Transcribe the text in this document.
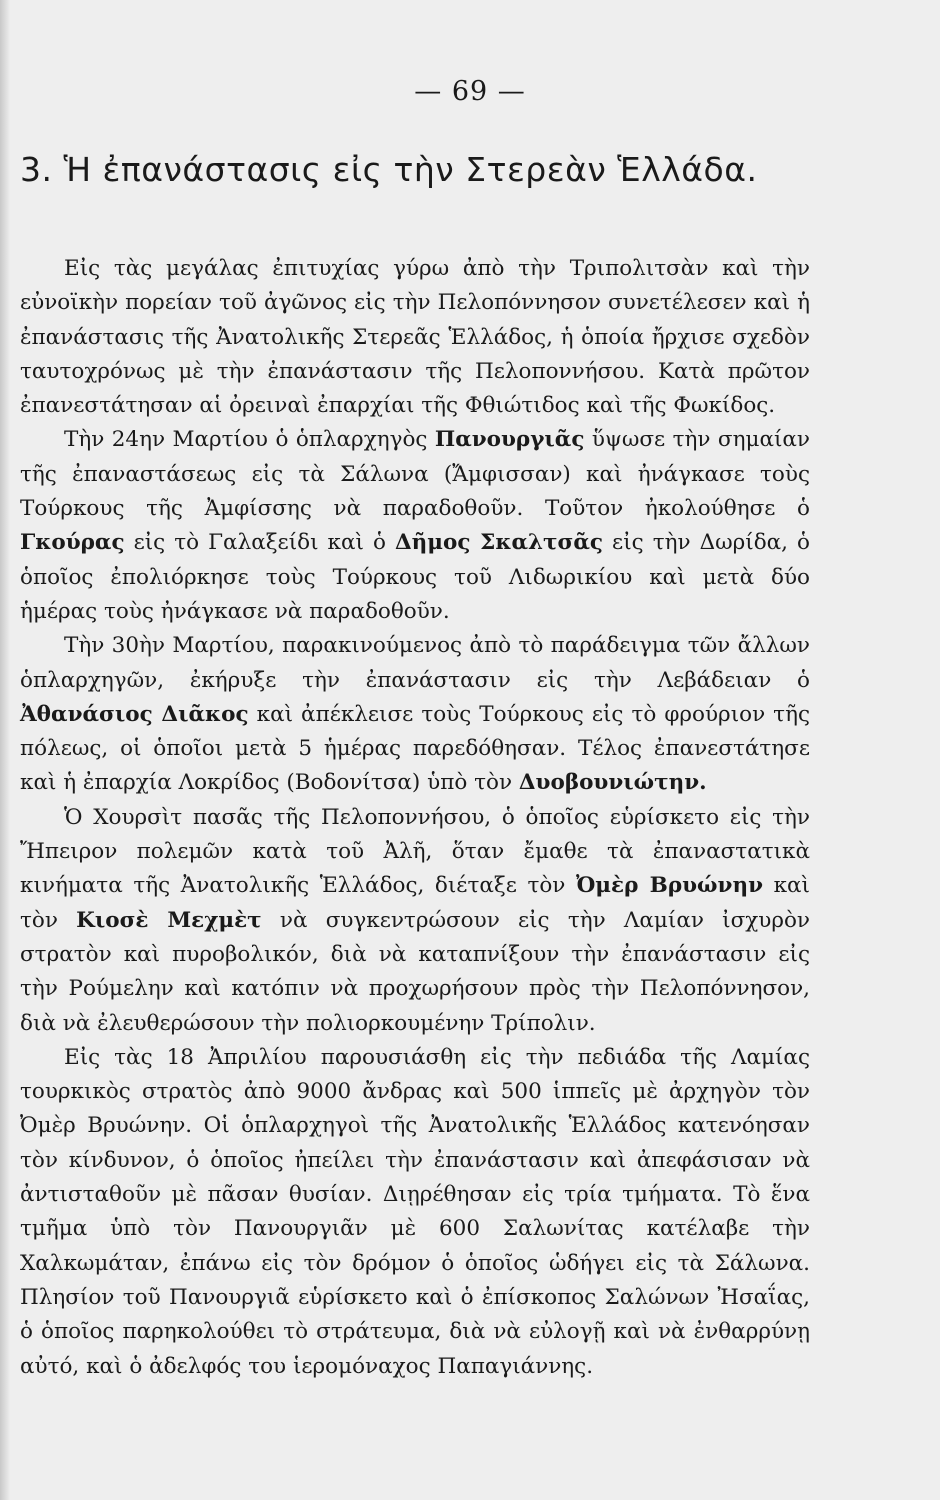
— 69 —
3. Ἡ ἐπανάστασις εἰς τὴν Στερεὰν Ἑλλάδα.

Εἰς τὰς μεγάλας ἐπιτυχίας γύρω ἀπὸ τὴν Τριπολιτσὰν καὶ τὴν εὐνοϊκὴν πορείαν τοῦ ἀγῶνος εἰς τὴν Πελοπόννησον συνετέλεσεν καὶ ἡ ἐπανάστασις τῆς Ἀνατολικῆς Στερεᾶς Ἑλλάδος, ἡ ὁποία ἤρχισε σχεδὸν ταυτοχρόνως μὲ τὴν ἐπανάστασιν τῆς Πελοποννήσου. Κατὰ πρῶτον ἐπανεστάτησαν αἱ ὀρειναὶ ἐπαρχίαι τῆς Φθιώτιδος καὶ τῆς Φωκίδος.

Τὴν 24ην Μαρτίου ὁ ὁπλαρχηγὸς Πανουργιᾶς ὕψωσε τὴν σημαίαν τῆς ἐπαναστάσεως εἰς τὰ Σάλωνα (Ἄμφισσαν) καὶ ἠνάγκασε τοὺς Τούρκους τῆς Ἀμφίσσης νὰ παραδοθοῦν. Τοῦτον ἠκολούθησε ὁ Γκούρας εἰς τὸ Γαλαξείδι καὶ ὁ Δῆμος Σκαλτσᾶς εἰς τὴν Δωρίδα, ὁ ὁποῖος ἐπολιόρκησε τοὺς Τούρκους τοῦ Λιδωρικίου καὶ μετὰ δύο ἡμέρας τοὺς ἠνάγκασε νὰ παραδοθοῦν.

Τὴν 30ὴν Μαρτίου, παρακινούμενος ἀπὸ τὸ παράδειγμα τῶν ἄλλων ὁπλαρχηγῶν, ἐκήρυξε τὴν ἐπανάστασιν εἰς τὴν Λεβάδειαν ὁ Ἀθανάσιος Διᾶκος καὶ ἀπέκλεισε τοὺς Τούρκους εἰς τὸ φρούριον τῆς πόλεως, οἱ ὁποῖοι μετὰ 5 ἡμέρας παρεδόθησαν. Τέλος ἐπανεστάτησε καὶ ἡ ἐπαρχία Λοκρίδος (Βοδονίτσα) ὑπὸ τὸν Δυοβουνιώτην.

Ὁ Χουρσὶτ πασᾶς τῆς Πελοποννήσου, ὁ ὁποῖος εὑρίσκετο εἰς τὴν Ἤπειρον πολεμῶν κατὰ τοῦ Ἀλῆ, ὅταν ἔμαθε τὰ ἐπαναστατικὰ κινήματα τῆς Ἀνατολικῆς Ἑλλάδος, διέταξε τὸν Ὀμὲρ Βρυώνην καὶ τὸν Κιοσὲ Μεχμὲτ νὰ συγκεντρώσουν εἰς τὴν Λαμίαν ἰσχυρὸν στρατὸν καὶ πυροβολικόν, διὰ νὰ καταπνίξουν τὴν ἐπανάστασιν εἰς τὴν Ρούμελην καὶ κατόπιν νὰ προχωρήσουν πρὸς τὴν Πελοπόννησον, διὰ νὰ ἐλευθερώσουν τὴν πολιορκουμένην Τρίπολιν.

Εἰς τὰς 18 Ἀπριλίου παρουσιάσθη εἰς τὴν πεδιάδα τῆς Λαμίας τουρκικὸς στρατὸς ἀπὸ 9000 ἄνδρας καὶ 500 ἱππεῖς μὲ ἀρχηγὸν τὸν Ὀμὲρ Βρυώνην. Οἱ ὁπλαρχηγοὶ τῆς Ἀνατολικῆς Ἑλλάδος κατενόησαν τὸν κίνδυνον, ὁ ὁποῖος ἠπείλει τὴν ἐπανάστασιν καὶ ἀπεφάσισαν νὰ ἀντισταθοῦν μὲ πᾶσαν θυσίαν. Διῃρέθησαν εἰς τρία τμήματα. Τὸ ἕνα τμῆμα ὑπὸ τὸν Πανουργιᾶν μὲ 600 Σαλωνίτας κατέλαβε τὴν Χαλκωμάταν, ἐπάνω εἰς τὸν δρόμον ὁ ὁποῖος ὡδήγει εἰς τὰ Σάλωνα. Πλησίον τοῦ Πανουργιᾶ εὑρίσκετο καὶ ὁ ἐπίσκοπος Σαλώνων Ἠσαΐας, ὁ ὁποῖος παρηκολούθει τὸ στράτευμα, διὰ νὰ εὐλογῇ καὶ νὰ ἐνθαρρύνῃ αὐτό, καὶ ὁ ἀδελφός του ἱερομόναχος Παπαγιάννης.
